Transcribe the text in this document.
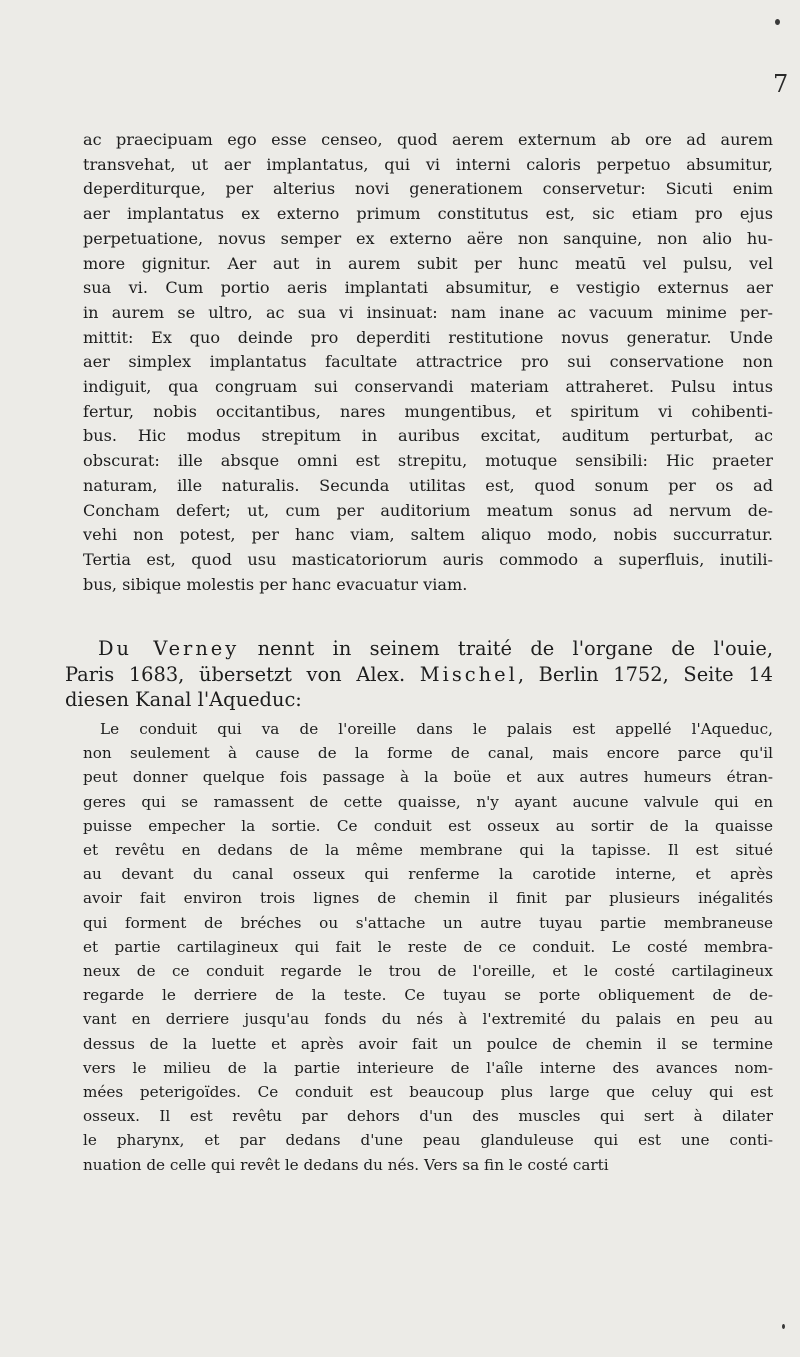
7
ac praecipuam ego esse censeo, quod aerem externum ab ore ad aurem
transvehat, ut aer implantatus, qui vi interni caloris perpetuo absumitur,
deperditurque, per alterius novi generationem conservetur: Sicuti enim
aer implantatus ex externo primum constitutus est, sic etiam pro ejus
perpetuatione, novus semper ex externo aëre non sanquine, non alio hu-
more gignitur. Aer aut in aurem subit per hunc meatū vel pulsu, vel
sua vi. Cum portio aeris implantati absumitur, e vestigio externus aer
in aurem se ultro, ac sua vi insinuat: nam inane ac vacuum minime per-
mittit: Ex quo deinde pro deperditi restitutione novus generatur. Unde
aer simplex implantatus facultate attractrice pro sui conservatione non
indiguit, qua congruam sui conservandi materiam attraheret. Pulsu intus
fertur, nobis occitantibus, nares mungentibus, et spiritum vi cohibenti-
bus. Hic modus strepitum in auribus excitat, auditum perturbat, ac
obscurat: ille absque omni est strepitu, motuque sensibili: Hic praeter
naturam, ille naturalis. Secunda utilitas est, quod sonum per os ad
Concham defert; ut, cum per auditorium meatum sonus ad nervum de-
vehi non potest, per hanc viam, saltem aliquo modo, nobis succurratur.
Tertia est, quod usu masticatoriorum auris commodo a superfluis, inutili-
bus, sibique molestis per hanc evacuatur viam.
Du Verney nennt in seinem traité de l'organe de l'ouie,
Paris 1683, übersetzt von Alex. Mischel, Berlin 1752, Seite 14
diesen Kanal l'Aqueduc:
Le conduit qui va de l'oreille dans le palais est appellé l'Aqueduc,
non seulement à cause de la forme de canal, mais encore parce qu'il
peut donner quelque fois passage à la boüe et aux autres humeurs étran-
geres qui se ramassent de cette quaisse, n'y ayant aucune valvule qui en
puisse empecher la sortie. Ce conduit est osseux au sortir de la quaisse
et revêtu en dedans de la même membrane qui la tapisse. Il est situé
au devant du canal osseux qui renferme la carotide interne, et après
avoir fait environ trois lignes de chemin il finit par plusieurs inégalités
qui forment de bréches ou s'attache un autre tuyau partie membraneuse
et partie cartilagineux qui fait le reste de ce conduit. Le costé membra-
neux de ce conduit regarde le trou de l'oreille, et le costé cartilagineux
regarde le derriere de la teste. Ce tuyau se porte obliquement de de-
vant en derriere jusqu'au fonds du nés à l'extremité du palais en peu au
dessus de la luette et après avoir fait un poulce de chemin il se termine
vers le milieu de la partie interieure de l'aîle interne des avances nom-
mées peterigoïdes. Ce conduit est beaucoup plus large que celuy qui est
osseux. Il est revêtu par dehors d'un des muscles qui sert à dilater
le pharynx, et par dedans d'une peau glanduleuse qui est une conti-
nuation de celle qui revêt le dedans du nés. Vers sa fin le costé carti
